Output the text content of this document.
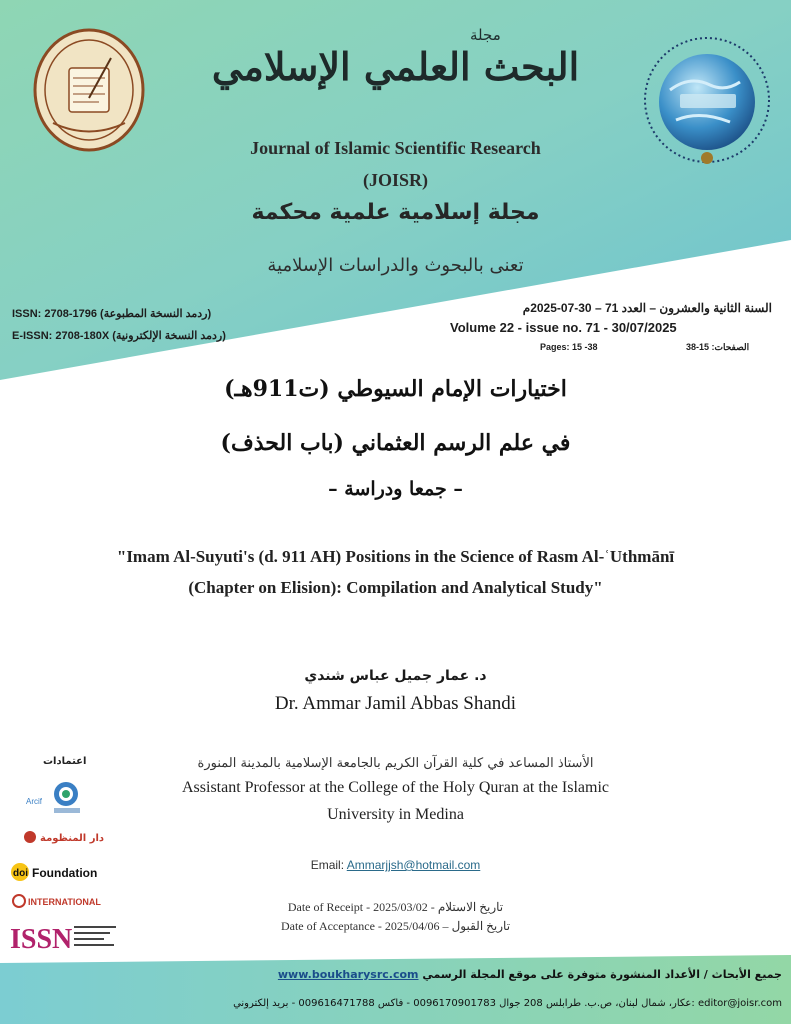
مجلة
البحث العلمي الإسلامي
Journal of Islamic Scientific Research
(JOISR)
مجلة إسلامية علمية محكمة
تعنى بالبحوث والدراسات الإسلامية
ISSN: 2708-1796 (ردمد النسخة المطبوعة)
E-ISSN: 2708-180X (ردمد النسخة الإلكترونية)
السنة الثانية والعشرون – العدد 71 – 30-07-2025م
Volume 22 - issue no. 71 - 30/07/2025
Pages: 15 -38	الصفحات: 15-38
اختيارات الإمام السيوطي (ت911هـ)
في علم الرسم العثماني (باب الحذف)
– جمعا ودراسة –
"Imam Al-Suyuti's (d. 911 AH) Positions in the Science of Rasm Al-ʿUthmānī
(Chapter on Elision): Compilation and Analytical Study"
د. عمار جميل عباس شندي
Dr. Ammar Jamil Abbas Shandi
الأستاذ المساعد في كلية القرآن الكريم بالجامعة الإسلامية بالمدينة المنورة
Assistant Professor at the College of the Holy Quran at the Islamic
University in Medina
Email: Ammarjjsh@hotmail.com
Date of Receipt - 2025/03/02 - تاريخ الاستلام
Date of Acceptance - 2025/04/06 – تاريخ القبول
اعتمادات
Arcif
دار المنظومة
doi Foundation
INTERNATIONAL
ISSN
www.boukharysrc.com جميع الأبحاث / الأعداد المنشورة متوفرة على موقع المجلة الرسمي
عكار، شمال لبنان، ص.ب. طرابلس 208 جوال 0096170901783 - فاكس 009616471788 - بريد إلكتروني: editor@joisr.com
